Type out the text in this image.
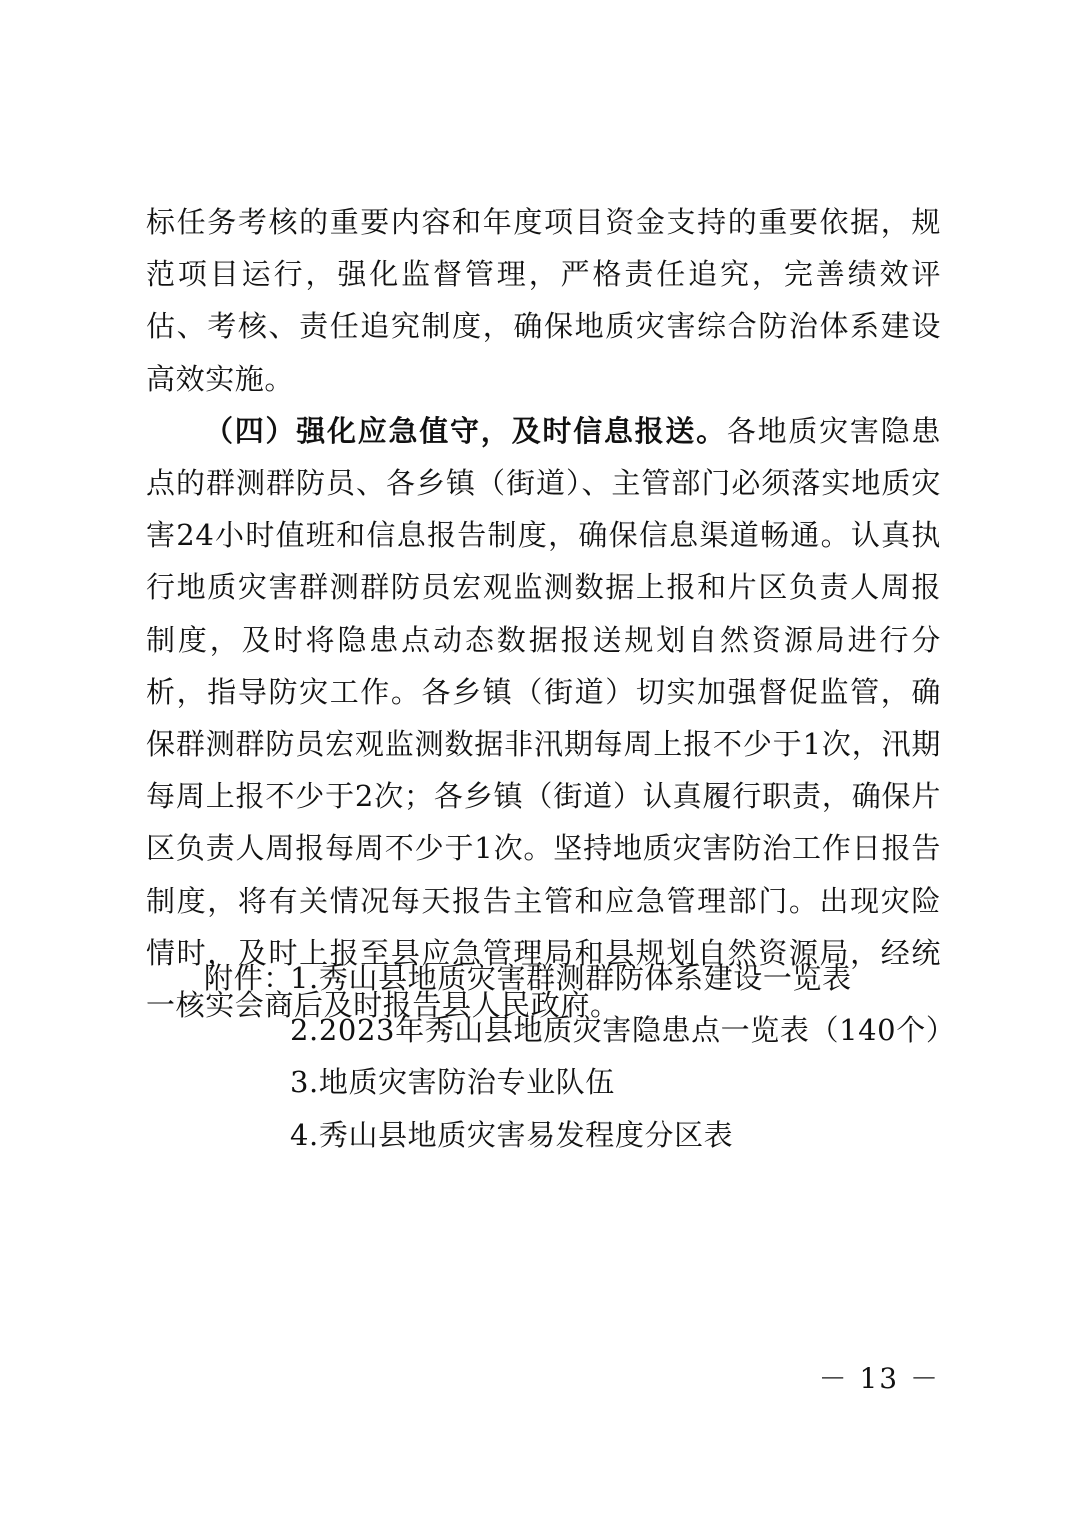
标任务考核的重要内容和年度项目资金支持的重要依据，规范项目运行，强化监督管理，严格责任追究，完善绩效评估、考核、责任追究制度，确保地质灾害综合防治体系建设高效实施。

（四）强化应急值守，及时信息报送。各地质灾害隐患点的群测群防员、各乡镇（街道）、主管部门必须落实地质灾害24小时值班和信息报告制度，确保信息渠道畅通。认真执行地质灾害群测群防员宏观监测数据上报和片区负责人周报制度，及时将隐患点动态数据报送规划自然资源局进行分析，指导防灾工作。各乡镇（街道）切实加强督促监管，确保群测群防员宏观监测数据非汛期每周上报不少于1次，汛期每周上报不少于2次；各乡镇（街道）认真履行职责，确保片区负责人周报每周不少于1次。坚持地质灾害防治工作日报告制度，将有关情况每天报告主管和应急管理部门。出现灾险情时，及时上报至县应急管理局和县规划自然资源局，经统一核实会商后及时报告县人民政府。

附件：
1.秀山县地质灾害群测群防体系建设一览表
2.2023年秀山县地质灾害隐患点一览表（140个）
3.地质灾害防治专业队伍
4.秀山县地质灾害易发程度分区表
－ 13 －
